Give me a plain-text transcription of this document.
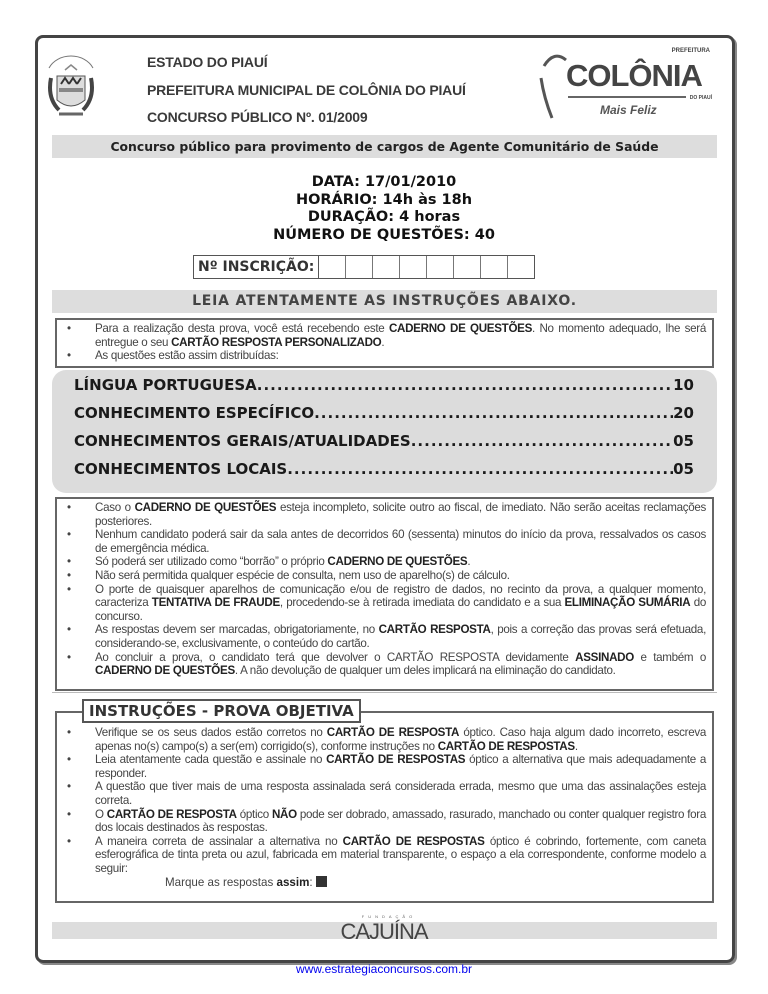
ESTADO DO PIAUÍ
PREFEITURA MUNICIPAL DE COLÔNIA DO PIAUÍ
CONCURSO PÚBLICO Nº. 01/2009
PREFEITURA
COLÔNIA
DO PIAUÍ
Mais Feliz
Concurso público para provimento de cargos de Agente Comunitário de Saúde
DATA: 17/01/2010
HORÁRIO: 14h às 18h
DURAÇÃO: 4 horas
NÚMERO DE QUESTÕES: 40
Nº INSCRIÇÃO:
LEIA ATENTAMENTE AS INSTRUÇÕES ABAIXO.
• Para a realização desta prova, você está recebendo este CADERNO DE QUESTÕES. No momento adequado, lhe será entregue o seu CARTÃO RESPOSTA PERSONALIZADO.
• As questões estão assim distribuídas:
LÍNGUA PORTUGUESA .....	10
CONHECIMENTO ESPECÍFICO .....	20
CONHECIMENTOS GERAIS/ATUALIDADES .....	05
CONHECIMENTOS LOCAIS .....	05
• Caso o CADERNO DE QUESTÕES esteja incompleto, solicite outro ao fiscal, de imediato. Não serão aceitas reclamações posteriores.
• Nenhum candidato poderá sair da sala antes de decorridos 60 (sessenta) minutos do início da prova, ressalvados os casos de emergência médica.
• Só poderá ser utilizado como “borrão” o próprio CADERNO DE QUESTÕES.
• Não será permitida qualquer espécie de consulta, nem uso de aparelho(s) de cálculo.
• O porte de quaisquer aparelhos de comunicação e/ou de registro de dados, no recinto da prova, a qualquer momento, caracteriza TENTATIVA DE FRAUDE, procedendo-se à retirada imediata do candidato e a sua ELIMINAÇÃO SUMÁRIA do concurso.
• As respostas devem ser marcadas, obrigatoriamente, no CARTÃO RESPOSTA, pois a correção das provas será efetuada, considerando-se, exclusivamente, o conteúdo do cartão.
• Ao concluir a prova, o candidato terá que devolver o CARTÃO RESPOSTA devidamente ASSINADO e também o CADERNO DE QUESTÕES. A não devolução de qualquer um deles implicará na eliminação do candidato.
• Verifique se os seus dados estão corretos no CARTÃO DE RESPOSTA óptico. Caso haja algum dado incorreto, escreva apenas no(s) campo(s) a ser(em) corrigido(s), conforme instruções no CARTÃO DE RESPOSTAS.
• Leia atentamente cada questão e assinale no CARTÃO DE RESPOSTAS óptico a alternativa que mais adequadamente a responder.
• A questão que tiver mais de uma resposta assinalada será considerada errada, mesmo que uma das assinalações esteja correta.
• O CARTÃO DE RESPOSTA óptico NÃO pode ser dobrado, amassado, rasurado, manchado ou conter qualquer registro fora dos locais destinados às respostas.
• A maneira correta de assinalar a alternativa no CARTÃO DE RESPOSTAS óptico é cobrindo, fortemente, com caneta esferográfica de tinta preta ou azul, fabricada em material transparente, o espaço a ela correspondente, conforme modelo a seguir:
Marque as respostas assim:
INSTRUÇÕES - PROVA OBJETIVA
FUNDAÇÃO
CAJUÍNA
www.estrategiaconcursos.com.br
